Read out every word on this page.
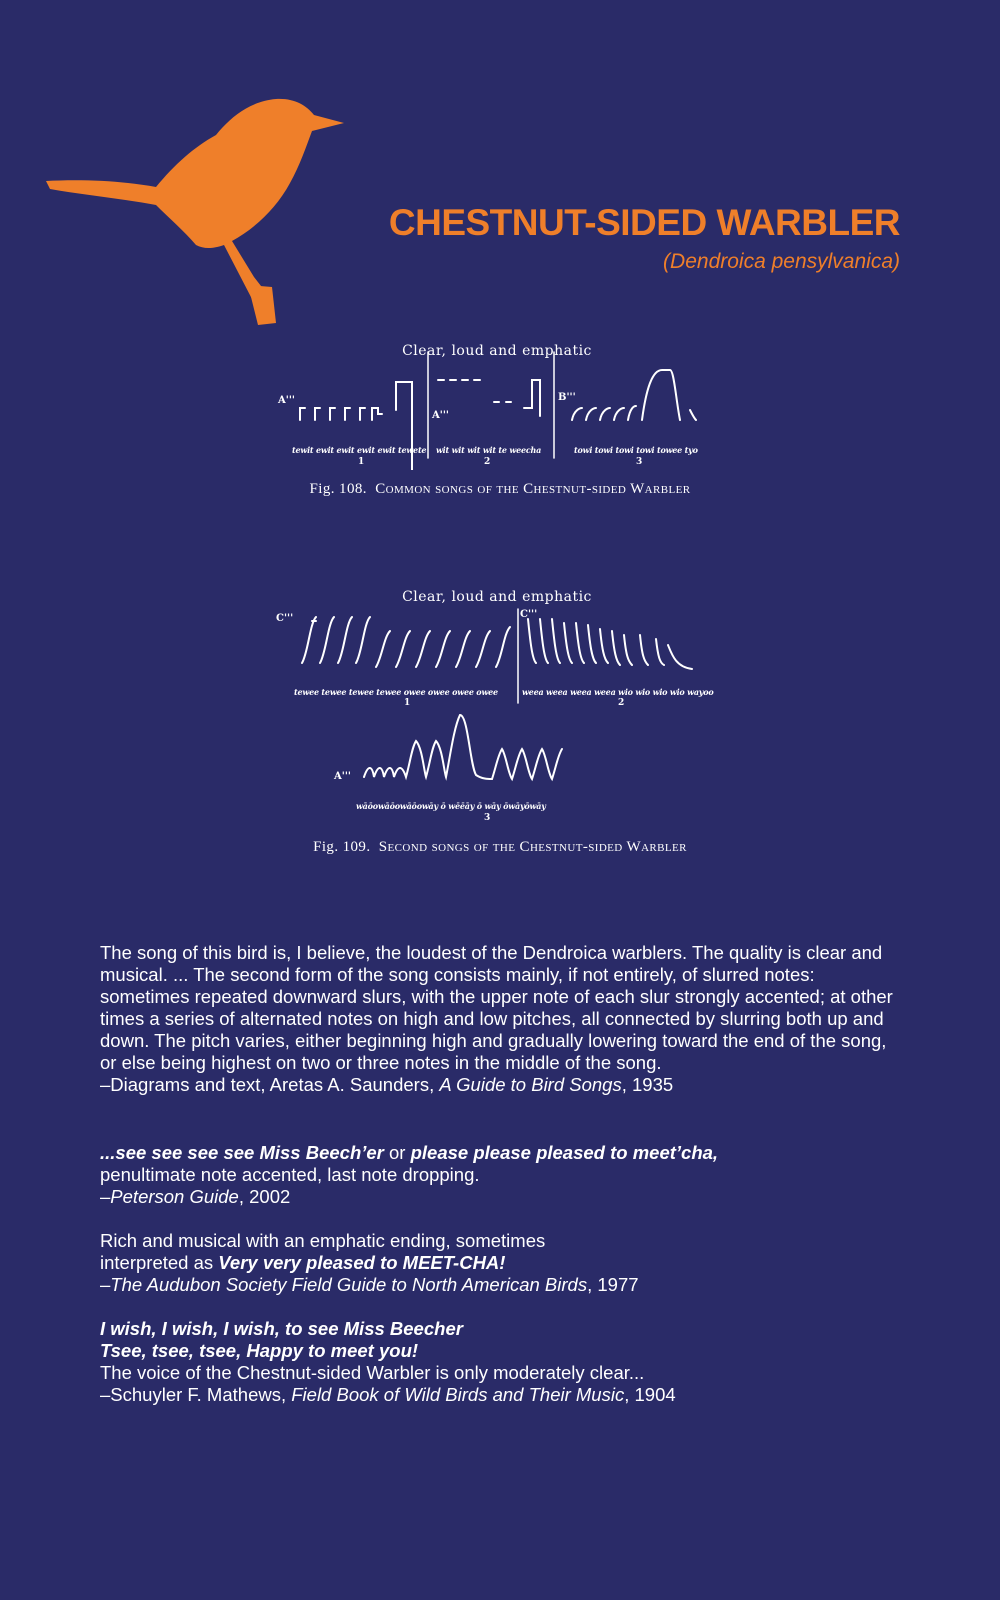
CHESTNUT-SIDED WARBLER
(Dendroica pensylvanica)
Clear, loud and emphatic
A'''
A'''
B'''
tewit ewit ewit ewit ewit tewete wit wit wit wit te weecha	towi towi towi towi towee tyo
1	2	3
Fig. 108. Common songs of the Chestnut-sided Warbler
Clear, loud and emphatic
C'''	C'''
A'''
tewee tewee tewee tewee owee owee owee owee	weea weea weea weea wio wio wio wio wayoo
wāōowāōowāōowāy ō wēēāy ō wāy ōwāyōwāy
1	2
3
Fig. 109. Second songs of the Chestnut-sided Warbler

The song of this bird is, I believe, the loudest of the Dendroica warblers. The quality is clear and musical. ... The second form of the song consists mainly, if not entirely, of slurred notes: sometimes repeated downward slurs, with the upper note of each slur strongly accented; at other times a series of alternated notes on high and low pitches, all connected by slurring both up and down. The pitch varies, either beginning high and gradually lowering toward the end of the song, or else being highest on two or three notes in the middle of the song.

–Diagrams and text, Aretas A. Saunders, A Guide to Bird Songs, 1935

...see see see see Miss Beech’er or please please pleased to meet’cha,

penultimate note accented, last note dropping.

–Peterson Guide, 2002

Rich and musical with an emphatic ending, sometimes

interpreted as Very very pleased to MEET-CHA!

–The Audubon Society Field Guide to North American Birds, 1977

I wish, I wish, I wish, to see Miss Beecher

Tsee, tsee, tsee, Happy to meet you!

The voice of the Chestnut-sided Warbler is only moderately clear...

–Schuyler F. Mathews, Field Book of Wild Birds and Their Music, 1904
